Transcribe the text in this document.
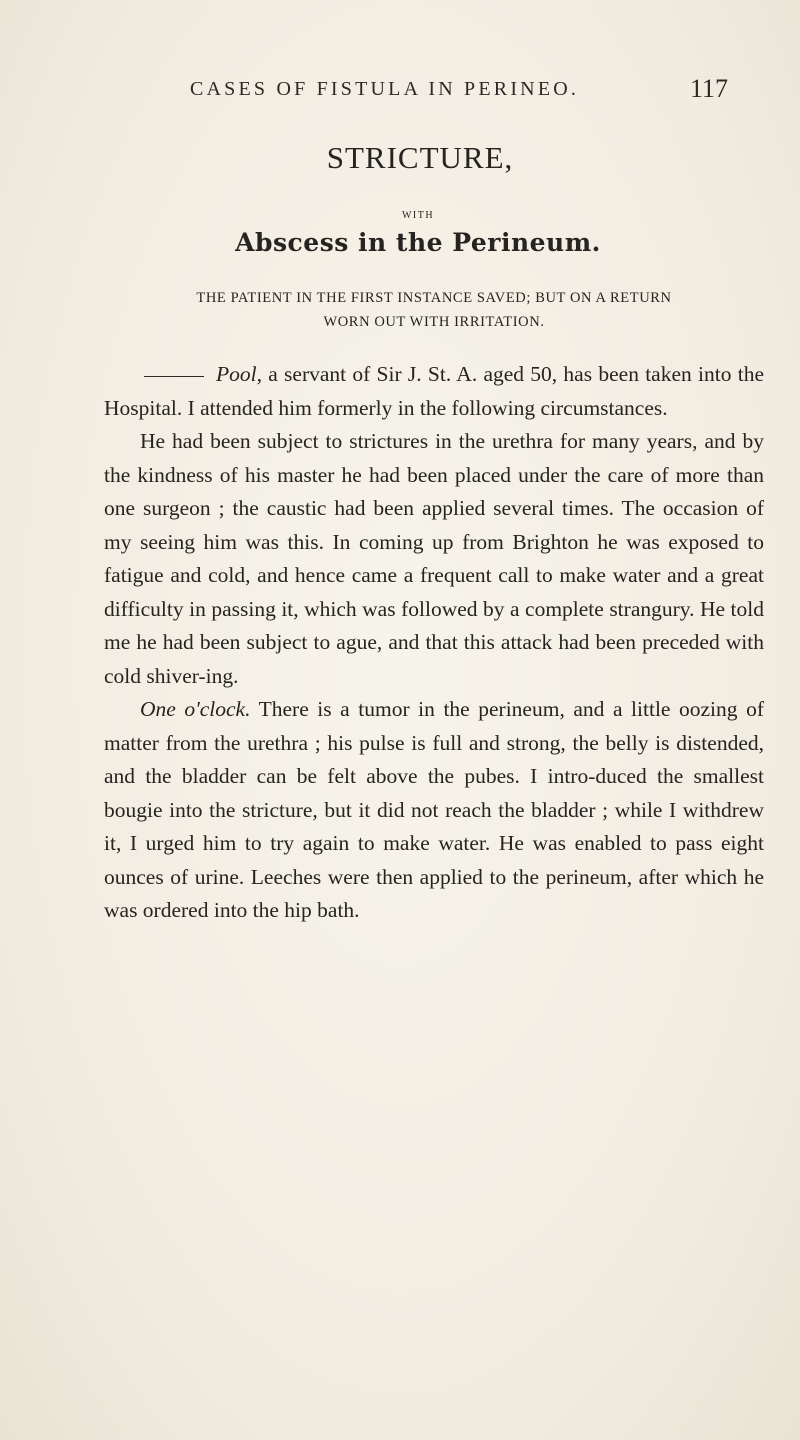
CASES OF FISTULA IN PERINEO.	117
STRICTURE,
WITH
Abscess in the Perineum.
THE PATIENT IN THE FIRST INSTANCE SAVED; BUT ON A RETURN
WORN OUT WITH IRRITATION.

Pool, a servant of Sir J. St. A. aged 50, has been taken into the Hospital. I attended him formerly in the following circumstances.

He had been subject to strictures in the urethra for many years, and by the kindness of his master he had been placed under the care of more than one surgeon ; the caustic had been applied several times. The occasion of my seeing him was this. In coming up from Brighton he was exposed to fatigue and cold, and hence came a frequent call to make water and a great difficulty in passing it, which was followed by a complete strangury. He told me he had been subject to ague, and that this attack had been preceded with cold shiver-ing.

One o'clock. There is a tumor in the perineum, and a little oozing of matter from the urethra ; his pulse is full and strong, the belly is distended, and the bladder can be felt above the pubes. I intro-duced the smallest bougie into the stricture, but it did not reach the bladder ; while I withdrew it, I urged him to try again to make water. He was enabled to pass eight ounces of urine. Leeches were then applied to the perineum, after which he was ordered into the hip bath.
